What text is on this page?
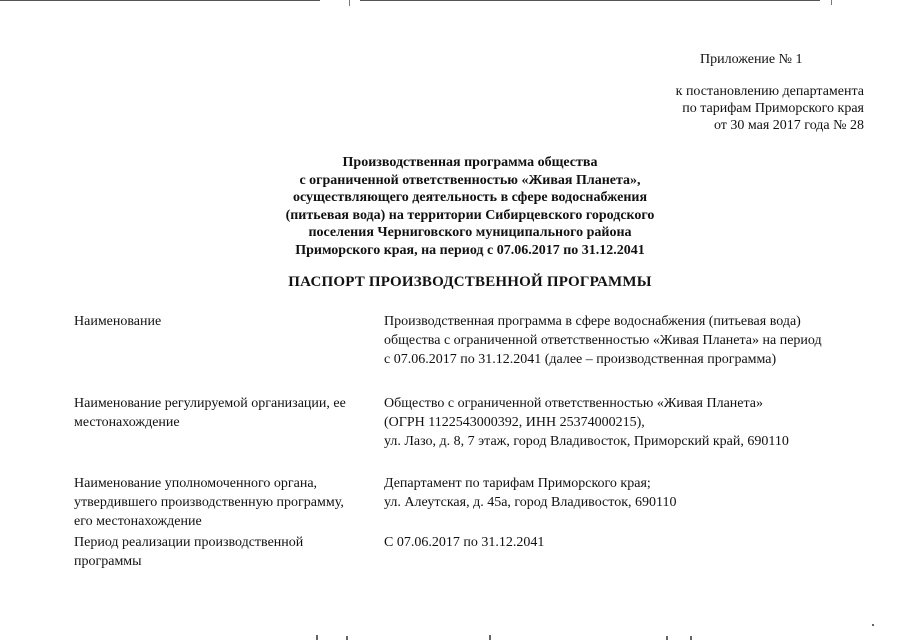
Приложение № 1
к постановлению департамента
по тарифам Приморского края
от 30 мая 2017 года № 28
Производственная программа общества
с ограниченной ответственностью «Живая Планета»,
осуществляющего деятельность в сфере водоснабжения
(питьевая вода) на территории Сибирцевского городского
поселения Черниговского муниципального района
Приморского края, на период с 07.06.2017 по 31.12.2041
ПАСПОРТ ПРОИЗВОДСТВЕННОЙ ПРОГРАММЫ
Наименование	Производственная программа в сфере водоснабжения (питьевая вода)
общества с ограниченной ответственностью «Живая Планета» на период
с 07.06.2017 по 31.12.2041 (далее – производственная программа)
Наименование регулируемой организации, ее
местонахождение
Общество с ограниченной ответственностью «Живая Планета»
(ОГРН 1122543000392, ИНН 25374000215),
ул. Лазо, д. 8, 7 этаж, город Владивосток, Приморский край, 690110
Наименование уполномоченного органа,
утвердившего производственную программу,
его местонахождение
Департамент по тарифам Приморского края;
ул. Алеутская, д. 45а, город Владивосток, 690110
Период реализации производственной
программы
С 07.06.2017 по 31.12.2041
